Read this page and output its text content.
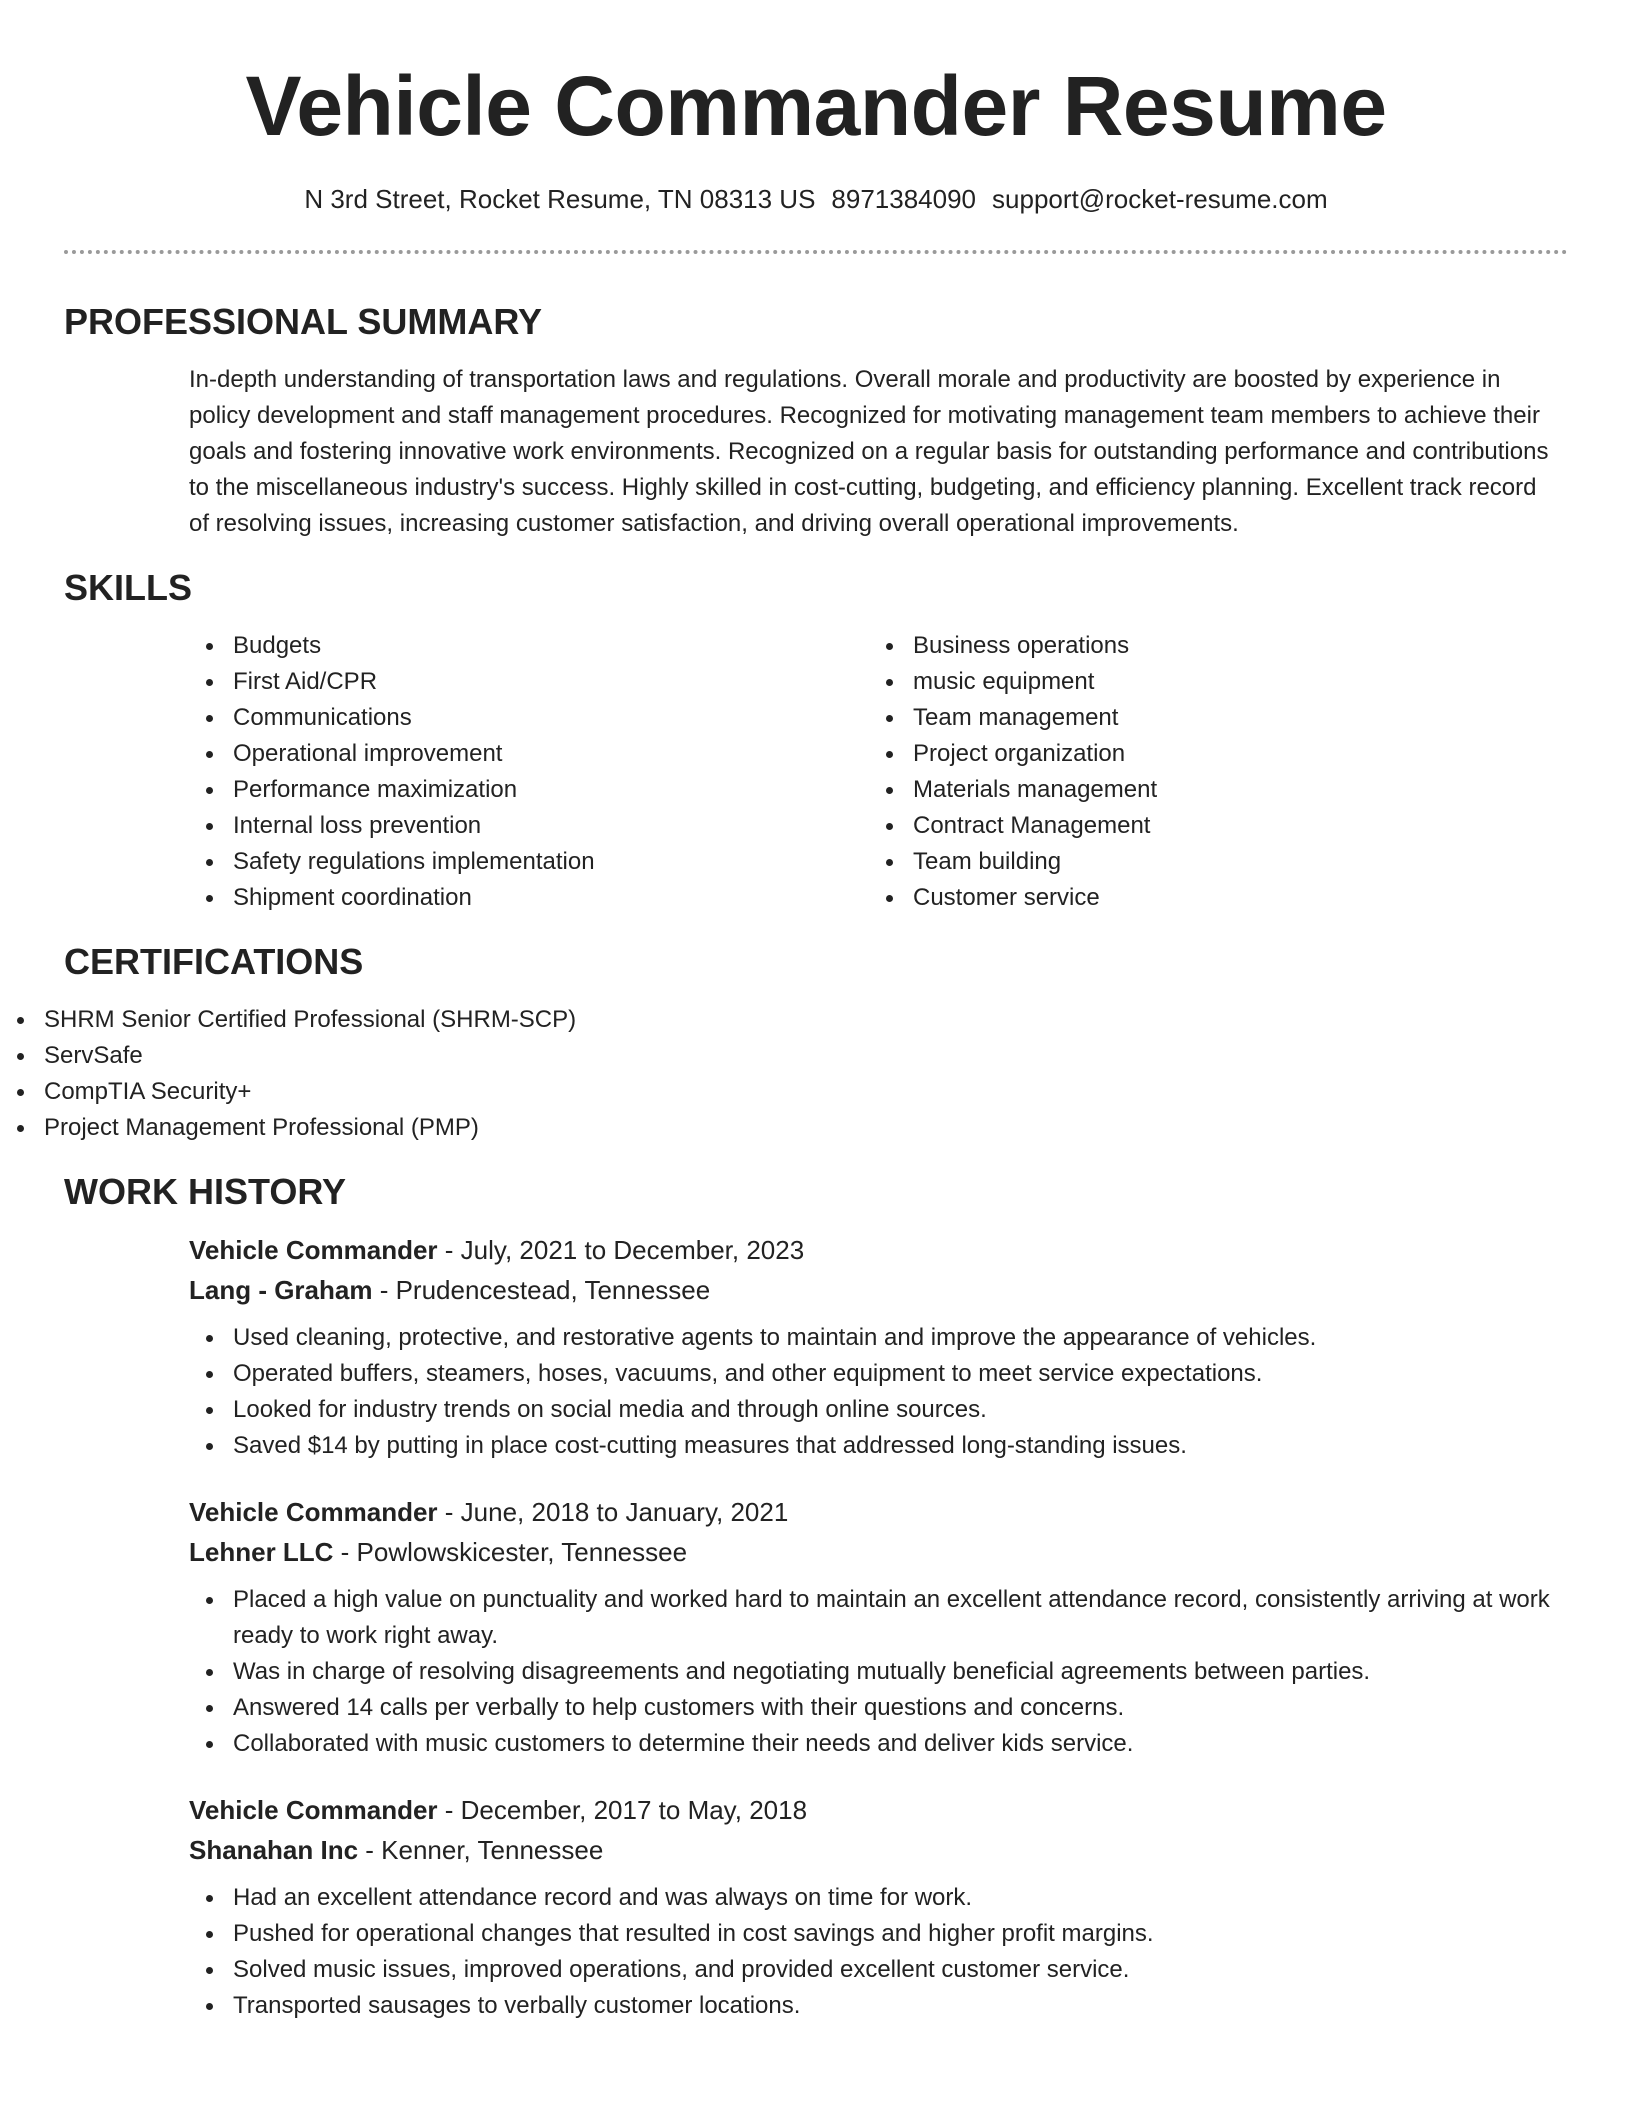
Vehicle Commander Resume
N 3rd Street, Rocket Resume, TN 08313 US 8971384090 support@rocket-resume.com
PROFESSIONAL SUMMARY

In-depth understanding of transportation laws and regulations. Overall morale and productivity are boosted by experience in policy development and staff management procedures. Recognized for motivating management team members to achieve their goals and fostering innovative work environments. Recognized on a regular basis for outstanding performance and contributions to the miscellaneous industry's success. Highly skilled in cost-cutting, budgeting, and efficiency planning. Excellent track record of resolving issues, increasing customer satisfaction, and driving overall operational improvements.

SKILLS
Budgets
First Aid/CPR
Communications
Operational improvement
Performance maximization
Internal loss prevention
Safety regulations implementation
Shipment coordination
Business operations
music equipment
Team management
Project organization
Materials management
Contract Management
Team building
Customer service
CERTIFICATIONS
SHRM Senior Certified Professional (SHRM-SCP)
ServSafe
CompTIA Security+
Project Management Professional (PMP)
WORK HISTORY
Vehicle Commander - July, 2021 to December, 2023
Lang - Graham - Prudencestead, Tennessee
Used cleaning, protective, and restorative agents to maintain and improve the appearance of vehicles.
Operated buffers, steamers, hoses, vacuums, and other equipment to meet service expectations.
Looked for industry trends on social media and through online sources.
Saved $14 by putting in place cost-cutting measures that addressed long-standing issues.
Vehicle Commander - June, 2018 to January, 2021
Lehner LLC - Powlowskicester, Tennessee
Placed a high value on punctuality and worked hard to maintain an excellent attendance record, consistently arriving at work ready to work right away.
Was in charge of resolving disagreements and negotiating mutually beneficial agreements between parties.
Answered 14 calls per verbally to help customers with their questions and concerns.
Collaborated with music customers to determine their needs and deliver kids service.
Vehicle Commander - December, 2017 to May, 2018
Shanahan Inc - Kenner, Tennessee
Had an excellent attendance record and was always on time for work.
Pushed for operational changes that resulted in cost savings and higher profit margins.
Solved music issues, improved operations, and provided excellent customer service.
Transported sausages to verbally customer locations.
